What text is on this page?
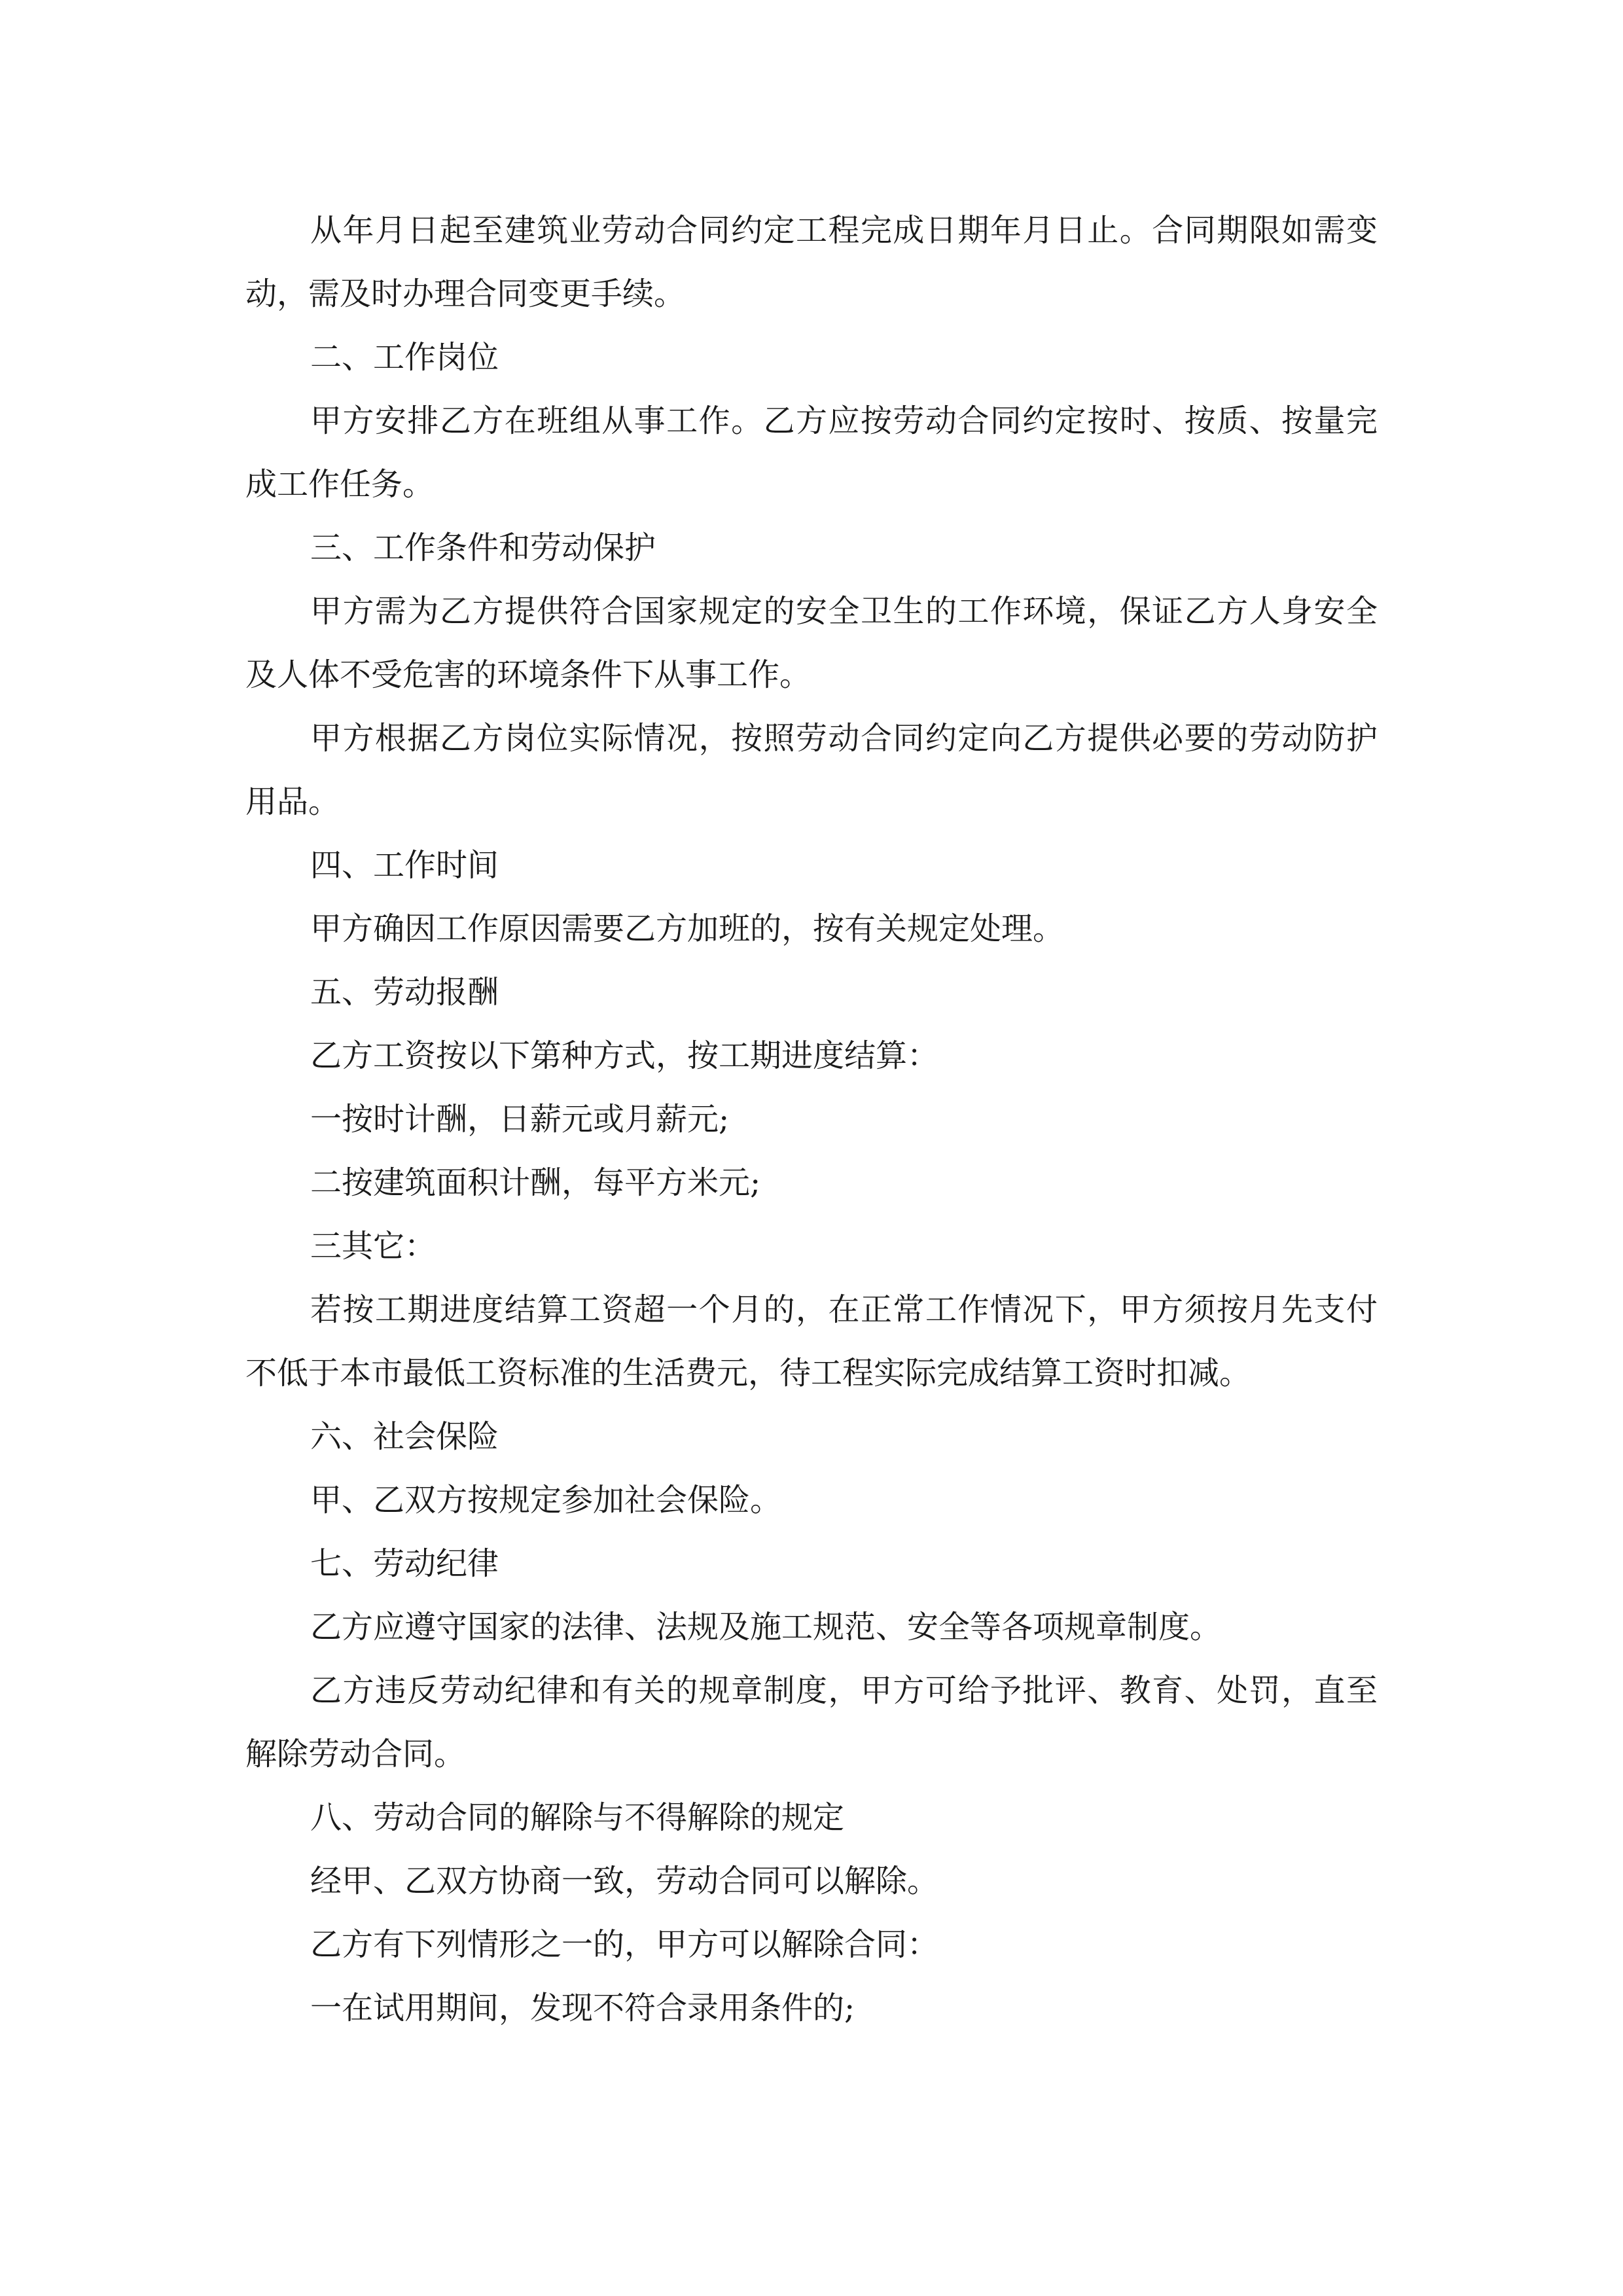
从年月日起至建筑业劳动合同约定工程完成日期年月日止。合同期限如需变动，需及时办理合同变更手续。

二、工作岗位

甲方安排乙方在班组从事工作。乙方应按劳动合同约定按时、按质、按量完成工作任务。

三、工作条件和劳动保护

甲方需为乙方提供符合国家规定的安全卫生的工作环境，保证乙方人身安全及人体不受危害的环境条件下从事工作。

甲方根据乙方岗位实际情况，按照劳动合同约定向乙方提供必要的劳动防护用品。

四、工作时间

甲方确因工作原因需要乙方加班的，按有关规定处理。

五、劳动报酬

乙方工资按以下第种方式，按工期进度结算：

一按时计酬，日薪元或月薪元;

二按建筑面积计酬，每平方米元;

三其它：

若按工期进度结算工资超一个月的，在正常工作情况下，甲方须按月先支付不低于本市最低工资标准的生活费元，待工程实际完成结算工资时扣减。

六、社会保险

甲、乙双方按规定参加社会保险。

七、劳动纪律

乙方应遵守国家的法律、法规及施工规范、安全等各项规章制度。

乙方违反劳动纪律和有关的规章制度，甲方可给予批评、教育、处罚，直至解除劳动合同。

八、劳动合同的解除与不得解除的规定

经甲、乙双方协商一致，劳动合同可以解除。

乙方有下列情形之一的，甲方可以解除合同：

一在试用期间，发现不符合录用条件的;
